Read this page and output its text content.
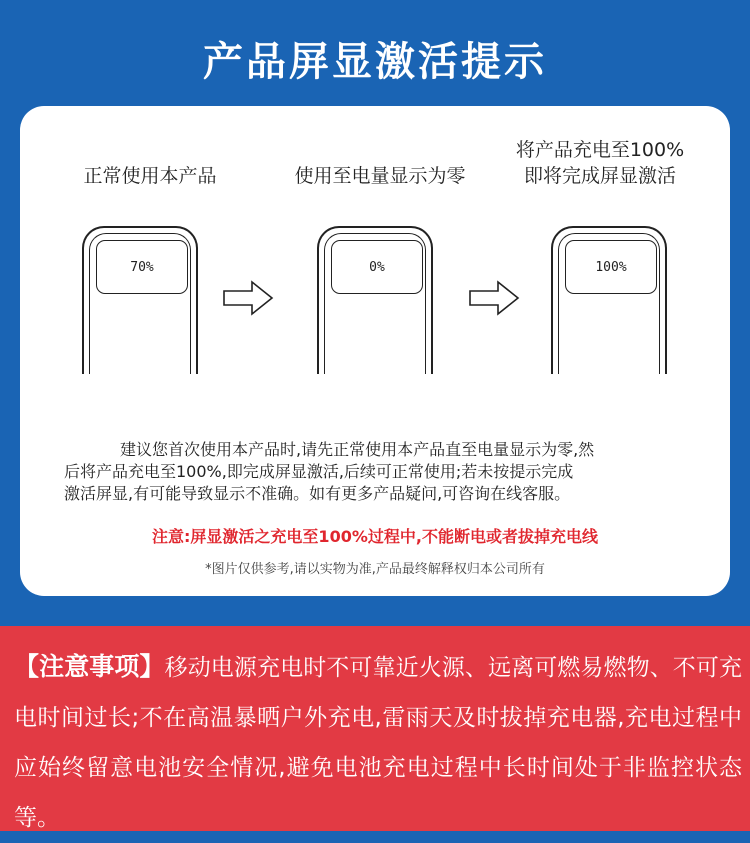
产品屏显激活提示
正常使用本产品	使用至电量显示为零
将产品充电至100%
即将完成屏显激活
70%	0%	100%
建议您首次使用本产品时,请先正常使用本产品直至电量显示为零,然
后将产品充电至100%,即完成屏显激活,后续可正常使用;若未按提示完成
激活屏显,有可能导致显示不准确。如有更多产品疑问,可咨询在线客服。
注意:屏显激活之充电至100%过程中,不能断电或者拔掉充电线
*图片仅供参考,请以实物为准,产品最终解释权归本公司所有
【注意事项】移动电源充电时不可靠近火源、远离可燃易燃物、不可充电时间过长;不在高温暴晒户外充电,雷雨天及时拔掉充电器,充电过程中应始终留意电池安全情况,避免电池充电过程中长时间处于非监控状态等。
